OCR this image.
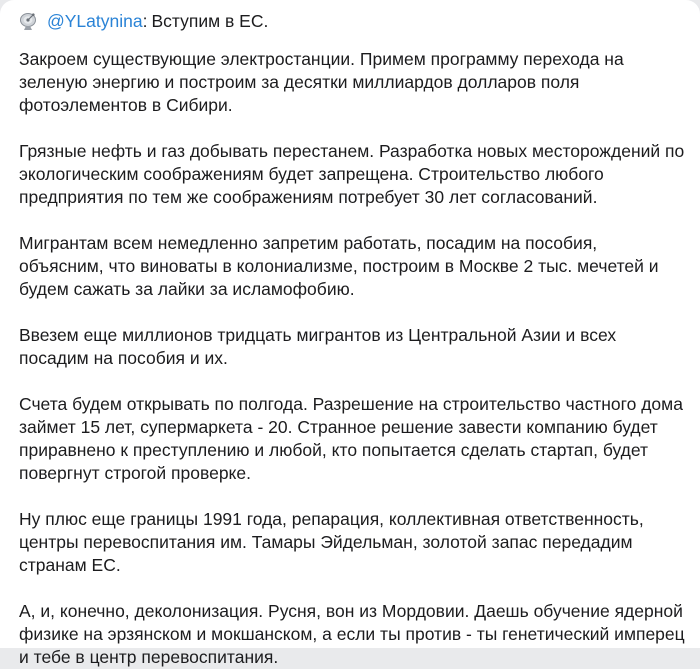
@YLatynina : Вступим в ЕС.

Закроем существующие электростанции. Примем программу перехода на зеленую энергию и построим за десятки миллиардов долларов поля фотоэлементов в Сибири.

Грязные нефть и газ добывать перестанем. Разработка новых месторождений по экологическим соображениям будет запрещена. Строительство любого предприятия по тем же соображениям потребует 30 лет согласований.

Мигрантам всем немедленно запретим работать, посадим на пособия, объясним, что виноваты в колониализме, построим в Москве 2 тыс. мечетей и будем сажать за лайки за исламофобию.

Ввезем еще миллионов тридцать мигрантов из Центральной Азии и всех посадим на пособия и их.

Счета будем открывать по полгода. Разрешение на строительство частного дома займет 15 лет, супермаркета - 20. Странное решение завести компанию будет приравнено к преступлению и любой, кто попытается сделать стартап, будет повергнут строгой проверке.

Ну плюс еще границы 1991 года, репарация, коллективная ответственность, центры перевоспитания им. Тамары Эйдельман, золотой запас передадим странам ЕС.

А, и, конечно, деколонизация. Русня, вон из Мордовии. Даешь обучение ядерной физике на эрзянском и мокшанском, а если ты против - ты генетический имперец и тебе в центр перевоспитания.
